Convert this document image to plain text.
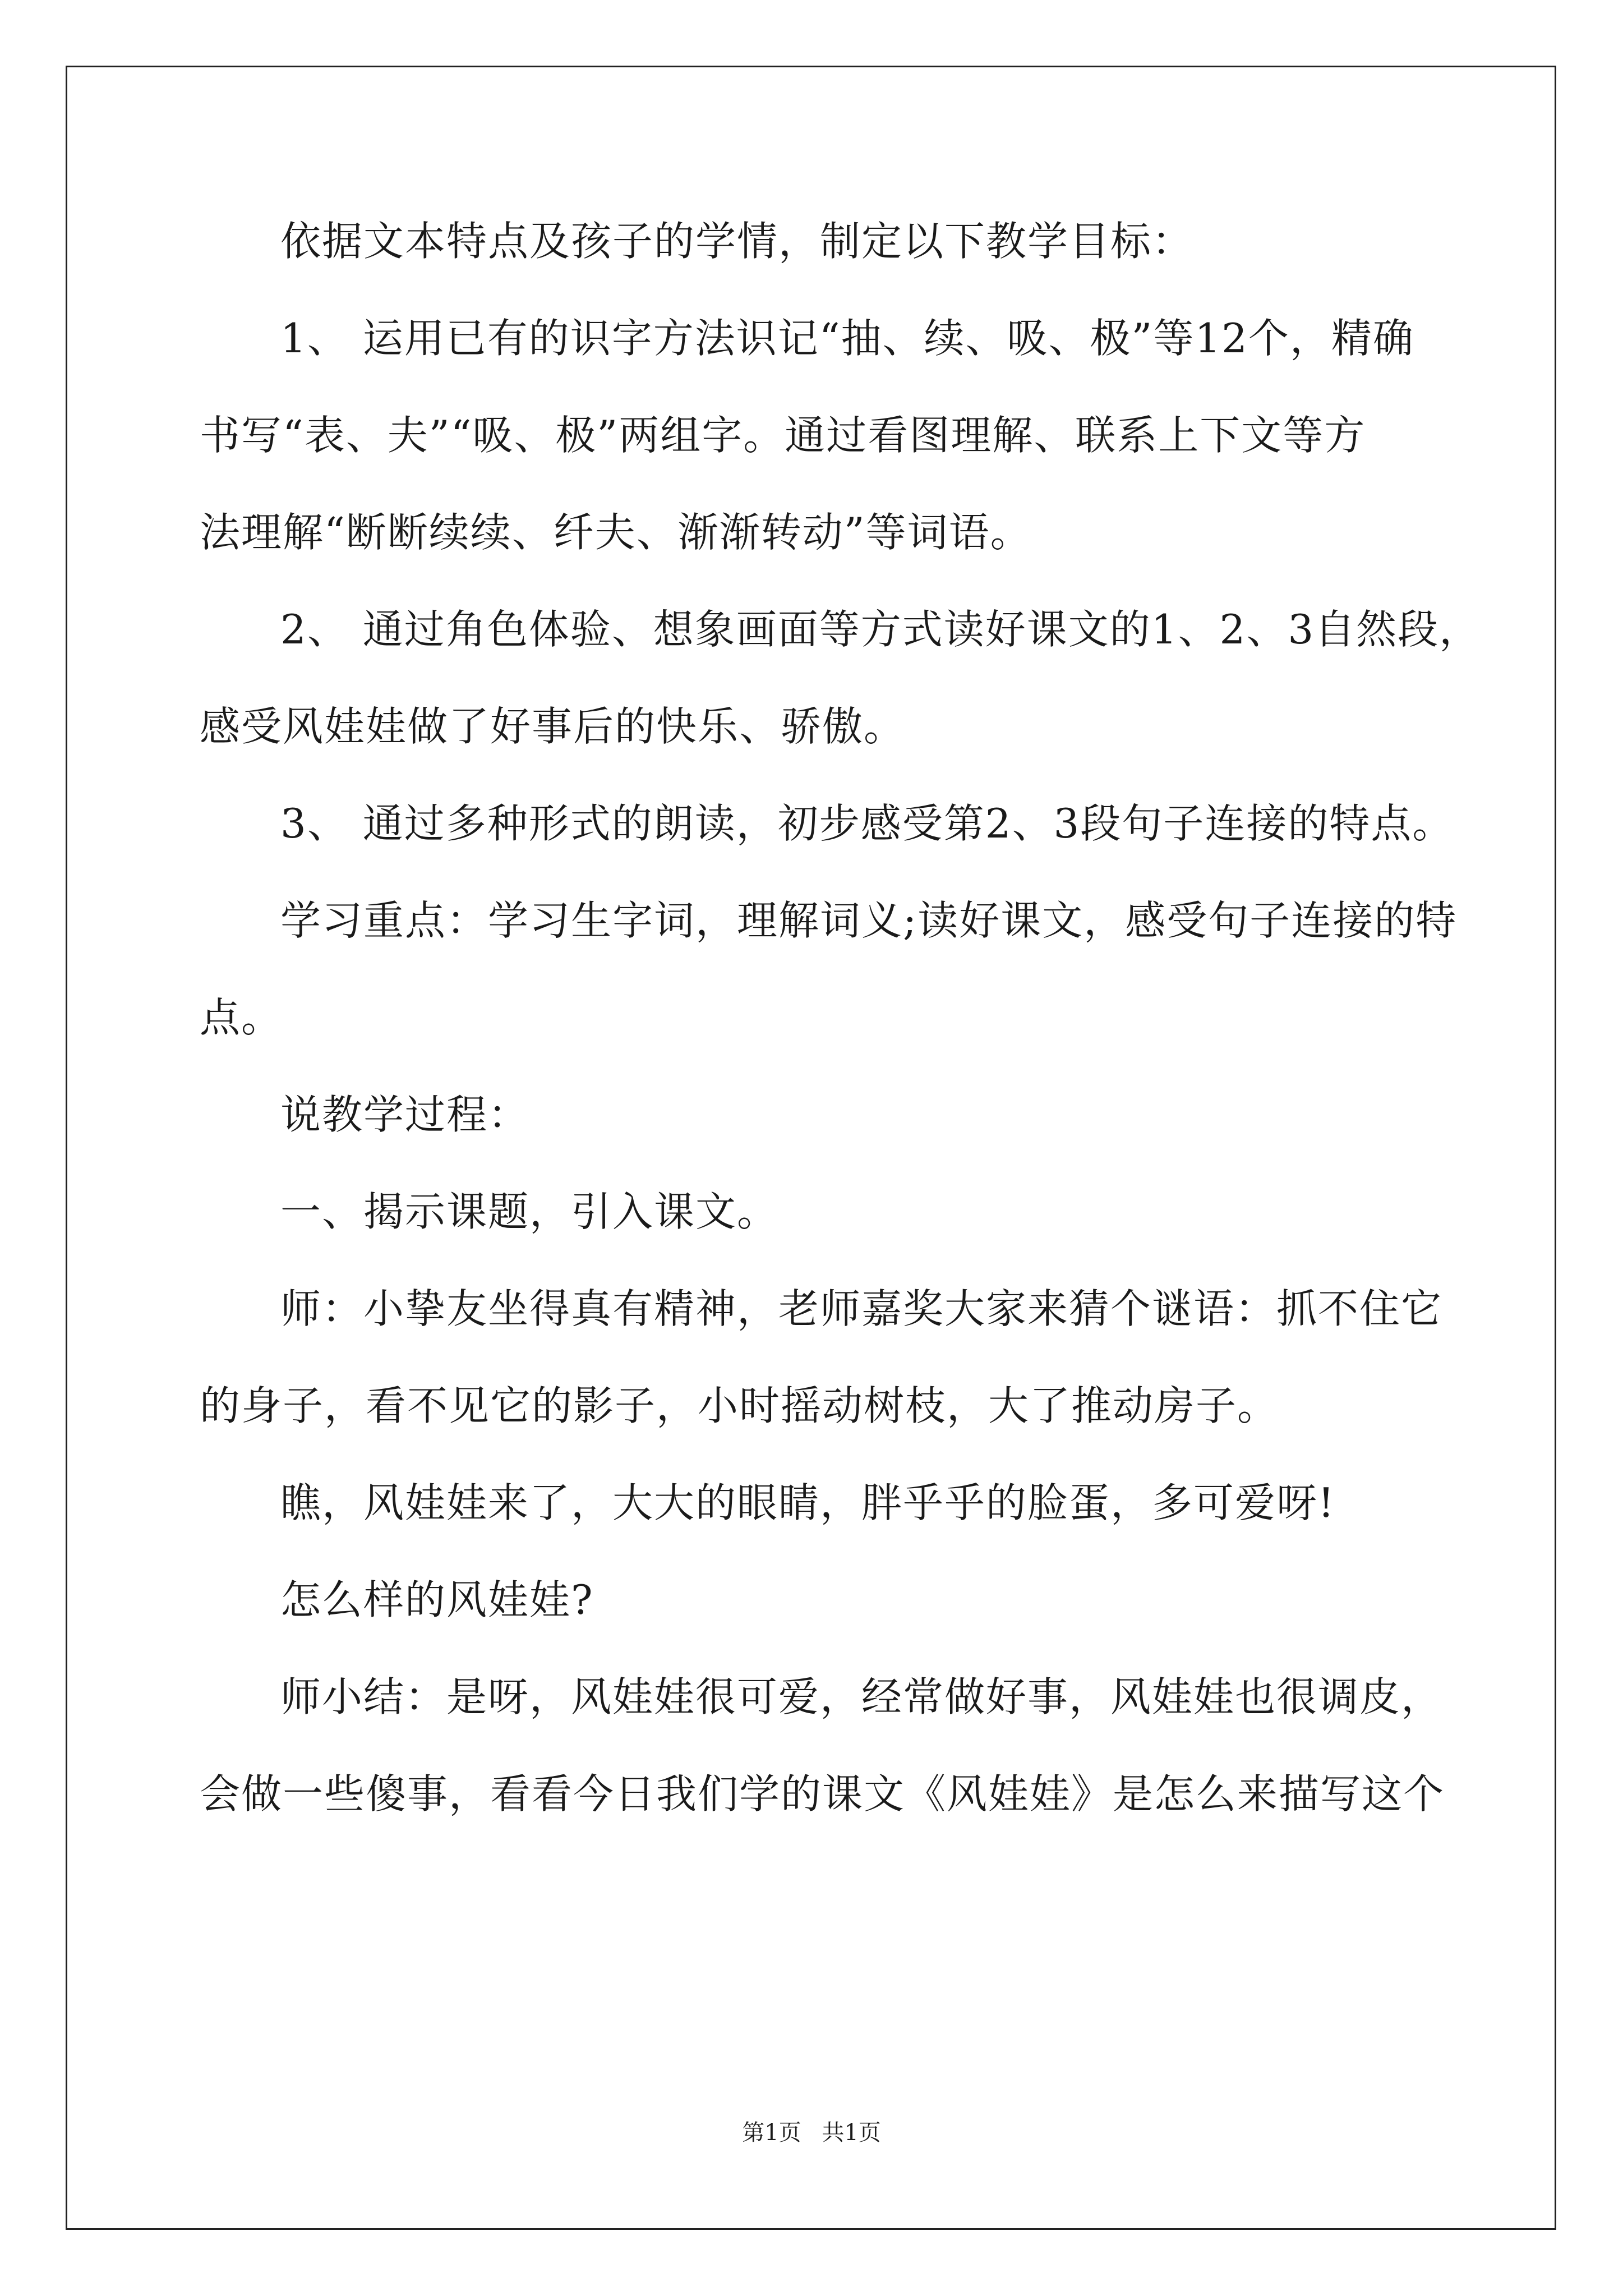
依据文本特点及孩子的学情，制定以下教学目标：
1、 运用已有的识字方法识记“抽、续、吸、极”等12个，精确
书写“表、夫”“吸、极”两组字。通过看图理解、联系上下文等方
法理解“断断续续、纤夫、渐渐转动”等词语。
2、 通过角色体验、想象画面等方式读好课文的1、2、3自然段，
感受风娃娃做了好事后的快乐、骄傲。
3、 通过多种形式的朗读，初步感受第2、3段句子连接的特点。
学习重点：学习生字词，理解词义;读好课文，感受句子连接的特
点。
说教学过程：
一、揭示课题，引入课文。
师：小挚友坐得真有精神，老师嘉奖大家来猜个谜语：抓不住它
的身子，看不见它的影子，小时摇动树枝，大了推动房子。
瞧，风娃娃来了，大大的眼睛，胖乎乎的脸蛋，多可爱呀!
怎么样的风娃娃?
师小结：是呀，风娃娃很可爱，经常做好事，风娃娃也很调皮，
会做一些傻事，看看今日我们学的课文《风娃娃》是怎么来描写这个
第1页 共1页
